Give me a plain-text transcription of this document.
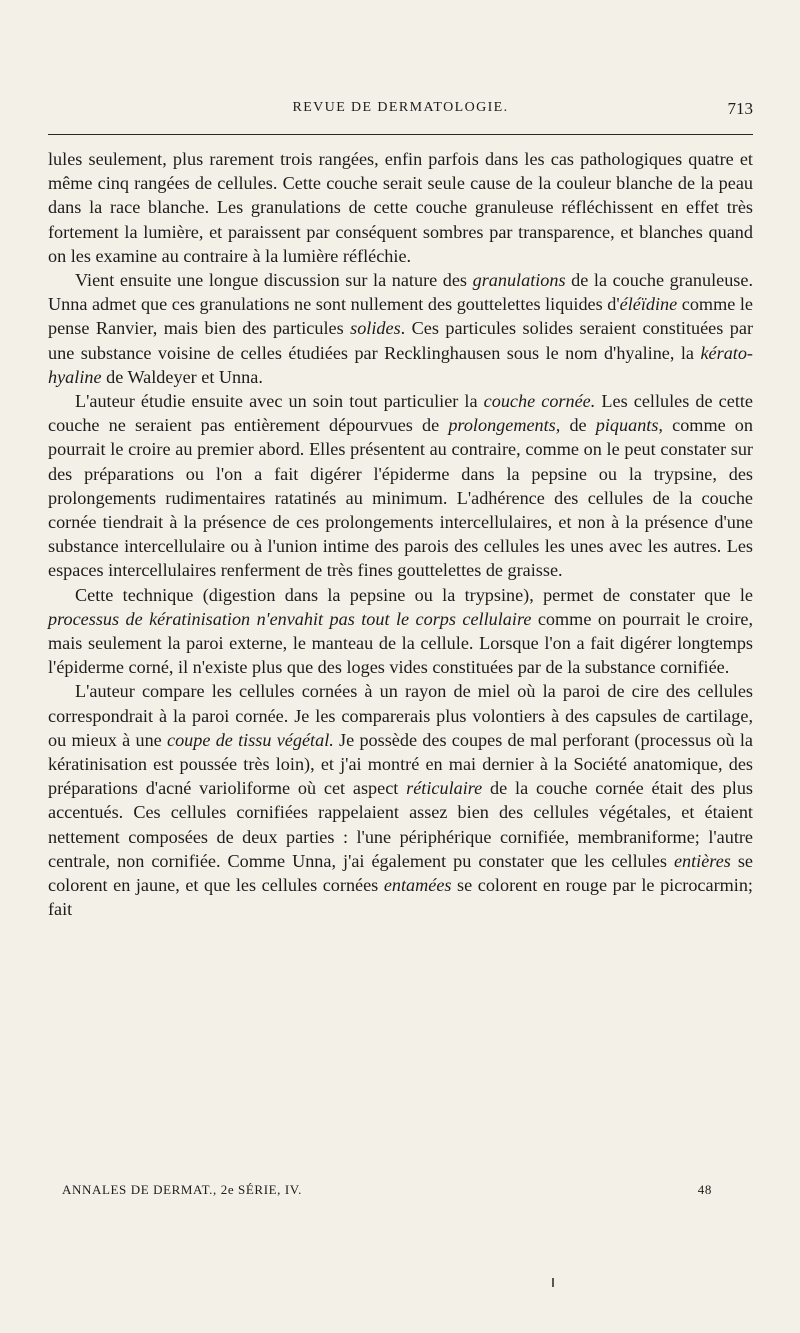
REVUE DE DERMATOLOGIE.	713

lules seulement, plus rarement trois rangées, enfin parfois dans les cas pathologiques quatre et même cinq rangées de cellules. Cette couche serait seule cause de la couleur blanche de la peau dans la race blanche. Les granulations de cette couche granuleuse réfléchissent en effet très fortement la lumière, et paraissent par conséquent sombres par transparence, et blanches quand on les examine au contraire à la lumière réfléchie.

Vient ensuite une longue discussion sur la nature des granulations de la couche granuleuse. Unna admet que ces granulations ne sont nullement des gouttelettes liquides d'éléïdine comme le pense Ranvier, mais bien des particules solides. Ces particules solides seraient constituées par une substance voisine de celles étudiées par Recklinghausen sous le nom d'hyaline, la kérato-hyaline de Waldeyer et Unna.

L'auteur étudie ensuite avec un soin tout particulier la couche cornée. Les cellules de cette couche ne seraient pas entièrement dépourvues de prolongements, de piquants, comme on pourrait le croire au premier abord. Elles présentent au contraire, comme on le peut constater sur des préparations ou l'on a fait digérer l'épiderme dans la pepsine ou la trypsine, des prolongements rudimentaires ratatinés au minimum. L'adhérence des cellules de la couche cornée tiendrait à la présence de ces prolongements intercellulaires, et non à la présence d'une substance intercellulaire ou à l'union intime des parois des cellules les unes avec les autres. Les espaces intercellulaires renferment de très fines gouttelettes de graisse.

Cette technique (digestion dans la pepsine ou la trypsine), permet de constater que le processus de kératinisation n'envahit pas tout le corps cellulaire comme on pourrait le croire, mais seulement la paroi externe, le manteau de la cellule. Lorsque l'on a fait digérer longtemps l'épiderme corné, il n'existe plus que des loges vides constituées par de la substance cornifiée.

L'auteur compare les cellules cornées à un rayon de miel où la paroi de cire des cellules correspondrait à la paroi cornée. Je les comparerais plus volontiers à des capsules de cartilage, ou mieux à une coupe de tissu végétal. Je possède des coupes de mal perforant (processus où la kératinisation est poussée très loin), et j'ai montré en mai dernier à la Société anatomique, des préparations d'acné varioliforme où cet aspect réticulaire de la couche cornée était des plus accentués. Ces cellules cornifiées rappelaient assez bien des cellules végétales, et étaient nettement composées de deux parties : l'une périphérique cornifiée, membraniforme; l'autre centrale, non cornifiée. Comme Unna, j'ai également pu constater que les cellules entières se colorent en jaune, et que les cellules cornées entamées se colorent en rouge par le picrocarmin; fait

ANNALES DE DERMAT., 2e SÉRIE, IV.	48
